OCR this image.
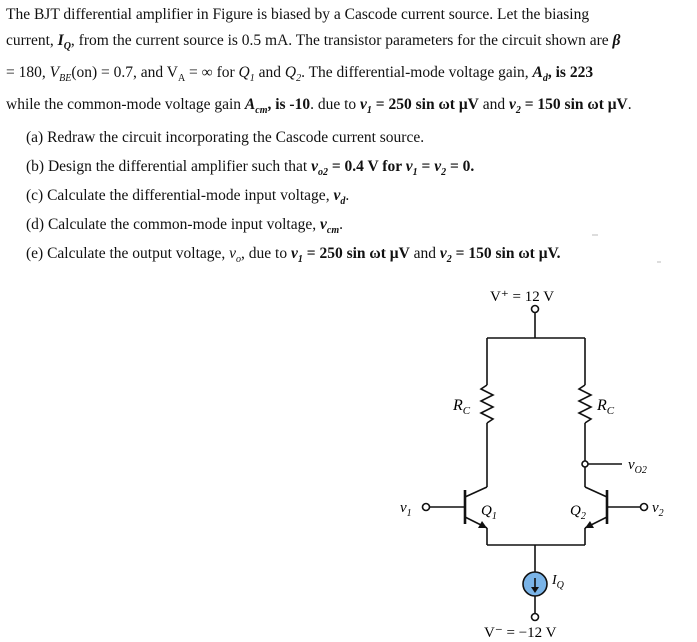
The BJT differential amplifier in Figure is biased by a Cascode current source. Let the biasing
current, $I_Q$, from the current source is 0.5 mA. The transistor parameters for the circuit shown are β
= 180, $V_{BE}(on) = 0.7$, and $V_A$ = ∞ for $Q_1$ and $Q_2$. The differential-mode voltage gain, $A_d$, is 223
while the common-mode voltage gain $A_{cm}$, is -10. due to $v_1 = 250$ sin ωt μV and $v_2 = 150$ sin ωt μV.
(a) Redraw the circuit incorporating the Cascode current source.
(b) Design the differential amplifier such that $v_{o2} = 0.4$ V for $v_1 = v_2 = 0$.
(c) Calculate the differential-mode input voltage, $v_d$.
(d) Calculate the common-mode input voltage, $v_{cm}$.
(e) Calculate the output voltage, $v_o$, due to $v_1 = 250$ sin ωt μV and $v_2 = 150$ sin ωt μV.
V⁺ = 12 V
V⁻ = −12 V
$R_C$	$R_C$
$Q_1$	$Q_2$
$v_1$	$v_2$
$v_{O2}$
$I_Q$
